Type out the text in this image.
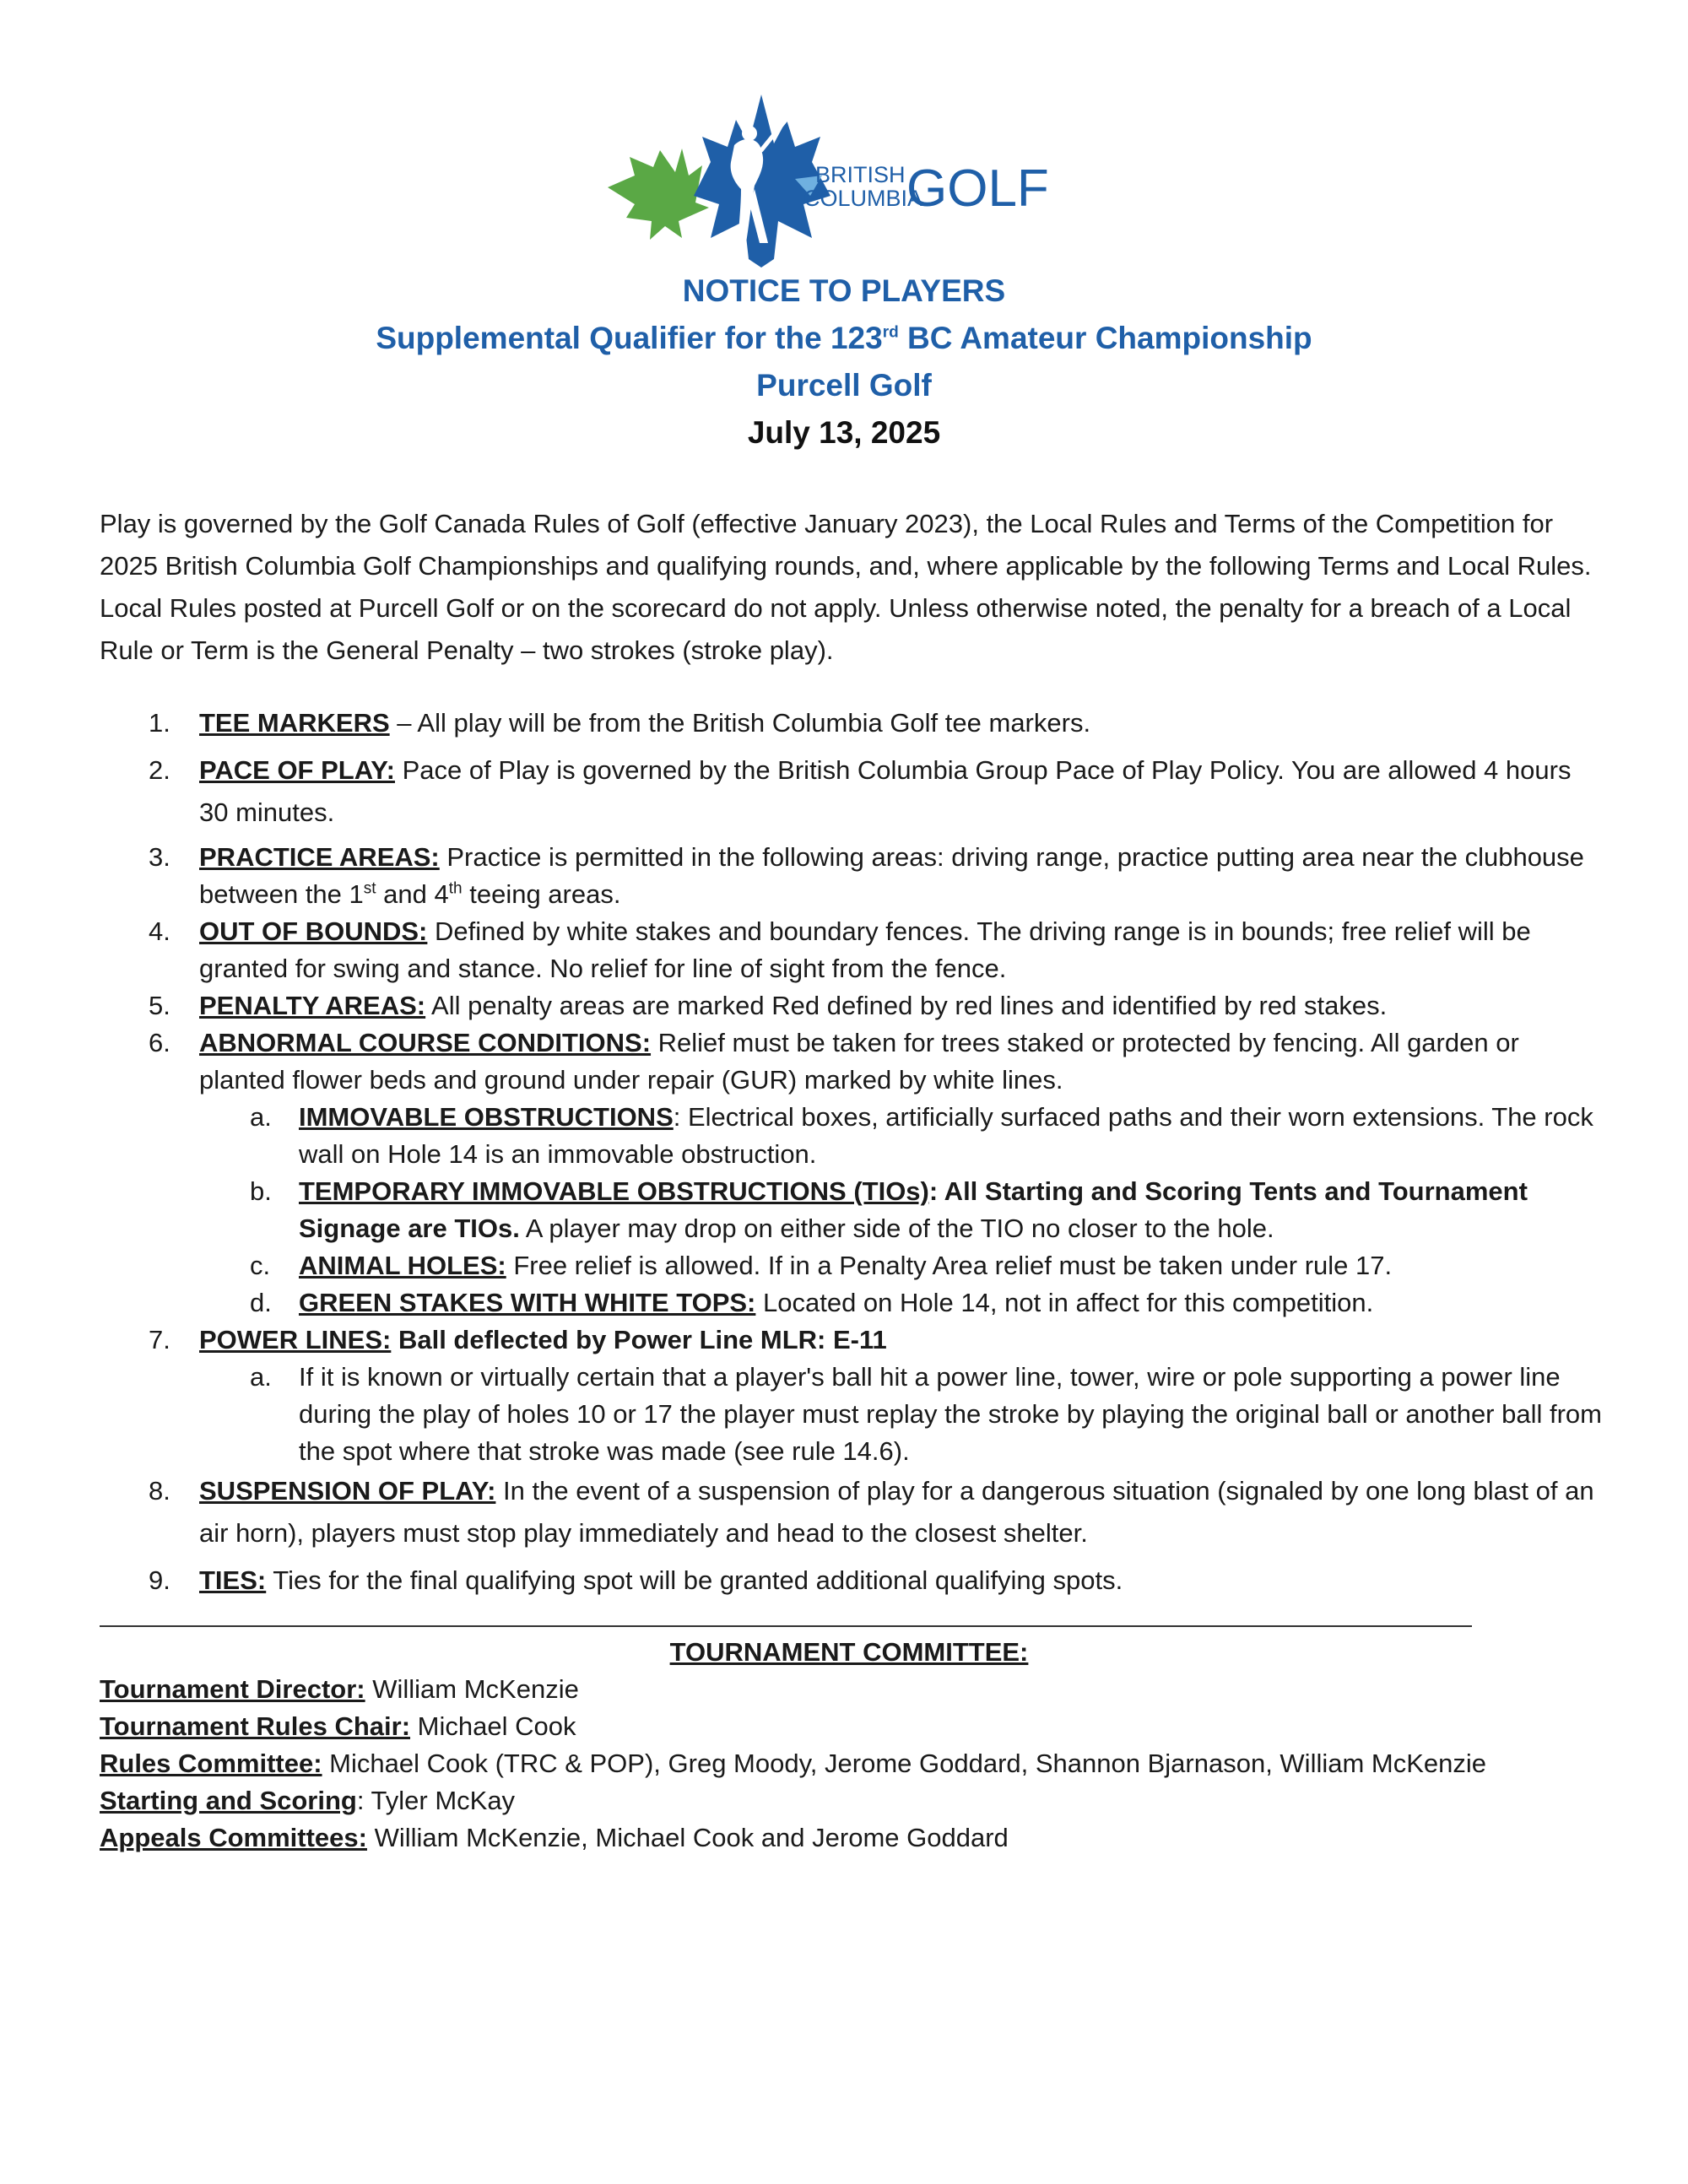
BRITISH
COLUMBIA
GOLF
NOTICE TO PLAYERS
Supplemental Qualifier for the 123rd BC Amateur Championship
Purcell Golf
July 13, 2025
Play is governed by the Golf Canada Rules of Golf (effective January 2023), the Local Rules and Terms of the Competition for 2025 British Columbia Golf Championships and qualifying rounds, and, where applicable by the following Terms and Local Rules. Local Rules posted at Purcell Golf or on the scorecard do not apply. Unless otherwise noted, the penalty for a breach of a Local Rule or Term is the General Penalty – two strokes (stroke play).
1. TEE MARKERS – All play will be from the British Columbia Golf tee markers.
2. PACE OF PLAY: Pace of Play is governed by the British Columbia Group Pace of Play Policy. You are allowed 4 hours 30 minutes.
3. PRACTICE AREAS: Practice is permitted in the following areas: driving range, practice putting area near the clubhouse between the 1st and 4th teeing areas.
4. OUT OF BOUNDS: Defined by white stakes and boundary fences. The driving range is in bounds; free relief will be granted for swing and stance. No relief for line of sight from the fence.
5. PENALTY AREAS: All penalty areas are marked Red defined by red lines and identified by red stakes.
6. ABNORMAL COURSE CONDITIONS: Relief must be taken for trees staked or protected by fencing. All garden or planted flower beds and ground under repair (GUR) marked by white lines.
a. IMMOVABLE OBSTRUCTIONS: Electrical boxes, artificially surfaced paths and their worn extensions. The rock wall on Hole 14 is an immovable obstruction.
b. TEMPORARY IMMOVABLE OBSTRUCTIONS (TIOs): All Starting and Scoring Tents and Tournament Signage are TIOs. A player may drop on either side of the TIO no closer to the hole.
c. ANIMAL HOLES: Free relief is allowed. If in a Penalty Area relief must be taken under rule 17.
d. GREEN STAKES WITH WHITE TOPS: Located on Hole 14, not in affect for this competition.
7. POWER LINES: Ball deflected by Power Line MLR: E-11
a. If it is known or virtually certain that a player's ball hit a power line, tower, wire or pole supporting a power line during the play of holes 10 or 17 the player must replay the stroke by playing the original ball or another ball from the spot where that stroke was made (see rule 14.6).
8. SUSPENSION OF PLAY: In the event of a suspension of play for a dangerous situation (signaled by one long blast of an air horn), players must stop play immediately and head to the closest shelter.
9. TIES: Ties for the final qualifying spot will be granted additional qualifying spots.
TOURNAMENT COMMITTEE:
Tournament Director: William McKenzie
Tournament Rules Chair: Michael Cook
Rules Committee: Michael Cook (TRC & POP), Greg Moody, Jerome Goddard, Shannon Bjarnason, William McKenzie
Starting and Scoring: Tyler McKay
Appeals Committees: William McKenzie, Michael Cook and Jerome Goddard
